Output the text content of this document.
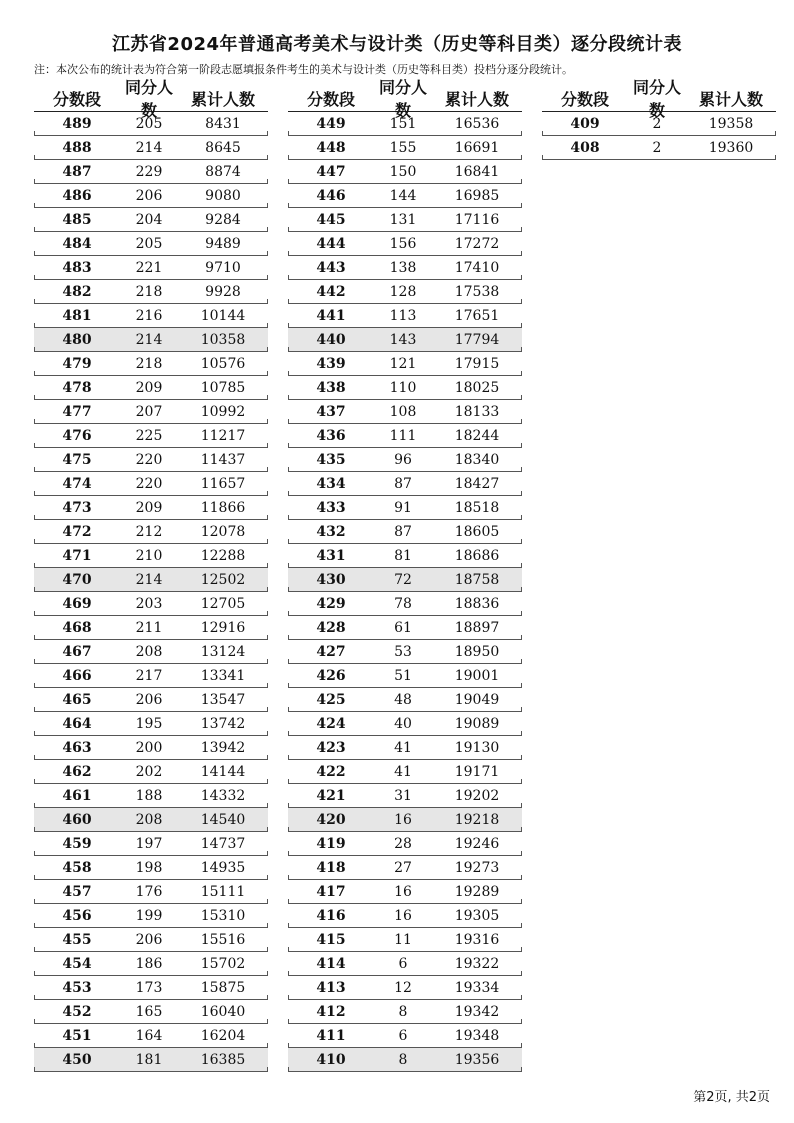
江苏省2024年普通高考美术与设计类（历史等科目类）逐分段统计表
注：本次公布的统计表为符合第一阶段志愿填报条件考生的美术与设计类（历史等科目类）投档分逐分段统计。
分数段
同分人数
累计人数
489	205	8431
488	214	8645
487	229	8874
486	206	9080
485	204	9284
484	205	9489
483	221	9710
482	218	9928
481	216	10144
480	214	10358
479	218	10576
478	209	10785
477	207	10992
476	225	11217
475	220	11437
474	220	11657
473	209	11866
472	212	12078
471	210	12288
470	214	12502
469	203	12705
468	211	12916
467	208	13124
466	217	13341
465	206	13547
464	195	13742
463	200	13942
462	202	14144
461	188	14332
460	208	14540
459	197	14737
458	198	14935
457	176	15111
456	199	15310
455	206	15516
454	186	15702
453	173	15875
452	165	16040
451	164	16204
450	181	16385
分数段
同分人数
累计人数
449	151	16536
448	155	16691
447	150	16841
446	144	16985
445	131	17116
444	156	17272
443	138	17410
442	128	17538
441	113	17651
440	143	17794
439	121	17915
438	110	18025
437	108	18133
436	111	18244
435	96	18340
434	87	18427
433	91	18518
432	87	18605
431	81	18686
430	72	18758
429	78	18836
428	61	18897
427	53	18950
426	51	19001
425	48	19049
424	40	19089
423	41	19130
422	41	19171
421	31	19202
420	16	19218
419	28	19246
418	27	19273
417	16	19289
416	16	19305
415	11	19316
414	6	19322
413	12	19334
412	8	19342
411	6	19348
410	8	19356
分数段
同分人数
累计人数
409	2	19358
408	2	19360
第2页, 共2页
